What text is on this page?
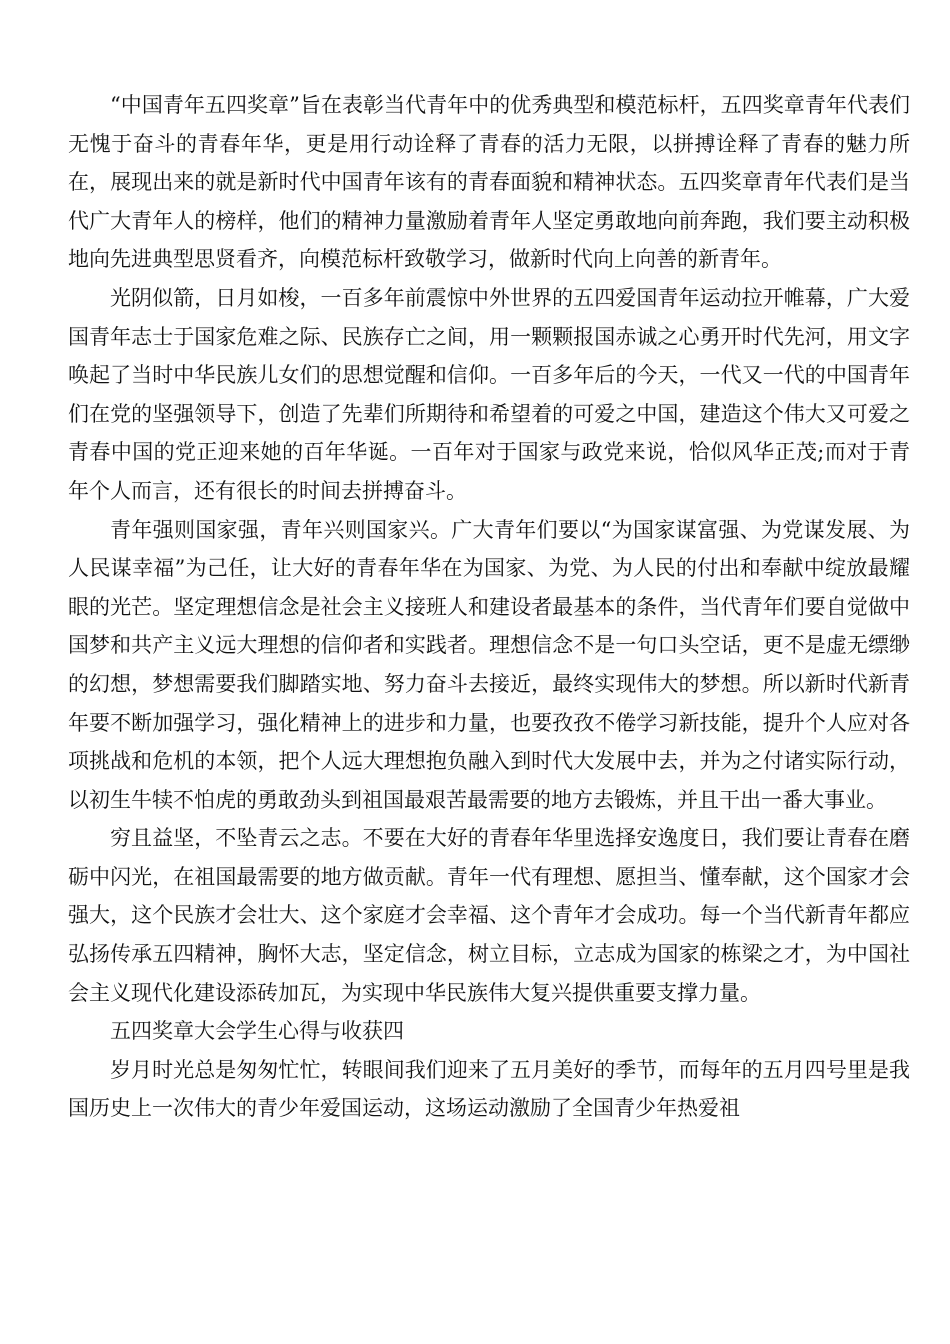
“中国青年五四奖章”旨在表彰当代青年中的优秀典型和模范标杆，五四奖章青年代表们无愧于奋斗的青春年华，更是用行动诠释了青春的活力无限，以拼搏诠释了青春的魅力所在，展现出来的就是新时代中国青年该有的青春面貌和精神状态。五四奖章青年代表们是当代广大青年人的榜样，他们的精神力量激励着青年人坚定勇敢地向前奔跑，我们要主动积极地向先进典型思贤看齐，向模范标杆致敬学习，做新时代向上向善的新青年。

光阴似箭，日月如梭，一百多年前震惊中外世界的五四爱国青年运动拉开帷幕，广大爱国青年志士于国家危难之际、民族存亡之间，用一颗颗报国赤诚之心勇开时代先河，用文字唤起了当时中华民族儿女们的思想觉醒和信仰。一百多年后的今天，一代又一代的中国青年们在党的坚强领导下，创造了先辈们所期待和希望着的可爱之中国，建造这个伟大又可爱之青春中国的党正迎来她的百年华诞。一百年对于国家与政党来说，恰似风华正茂;而对于青年个人而言，还有很长的时间去拼搏奋斗。

青年强则国家强，青年兴则国家兴。广大青年们要以“为国家谋富强、为党谋发展、为人民谋幸福”为己任，让大好的青春年华在为国家、为党、为人民的付出和奉献中绽放最耀眼的光芒。坚定理想信念是社会主义接班人和建设者最基本的条件，当代青年们要自觉做中国梦和共产主义远大理想的信仰者和实践者。理想信念不是一句口头空话，更不是虚无缥缈的幻想，梦想需要我们脚踏实地、努力奋斗去接近，最终实现伟大的梦想。所以新时代新青年要不断加强学习，强化精神上的进步和力量，也要孜孜不倦学习新技能，提升个人应对各项挑战和危机的本领，把个人远大理想抱负融入到时代大发展中去，并为之付诸实际行动，以初生牛犊不怕虎的勇敢劲头到祖国最艰苦最需要的地方去锻炼，并且干出一番大事业。

穷且益坚，不坠青云之志。不要在大好的青春年华里选择安逸度日，我们要让青春在磨砺中闪光，在祖国最需要的地方做贡献。青年一代有理想、愿担当、懂奉献，这个国家才会强大，这个民族才会壮大、这个家庭才会幸福、这个青年才会成功。每一个当代新青年都应弘扬传承五四精神，胸怀大志，坚定信念，树立目标，立志成为国家的栋梁之才，为中国社会主义现代化建设添砖加瓦，为实现中华民族伟大复兴提供重要支撑力量。

五四奖章大会学生心得与收获四

岁月时光总是匆匆忙忙，转眼间我们迎来了五月美好的季节，而每年的五月四号里是我国历史上一次伟大的青少年爱国运动，这场运动激励了全国青少年热爱祖
